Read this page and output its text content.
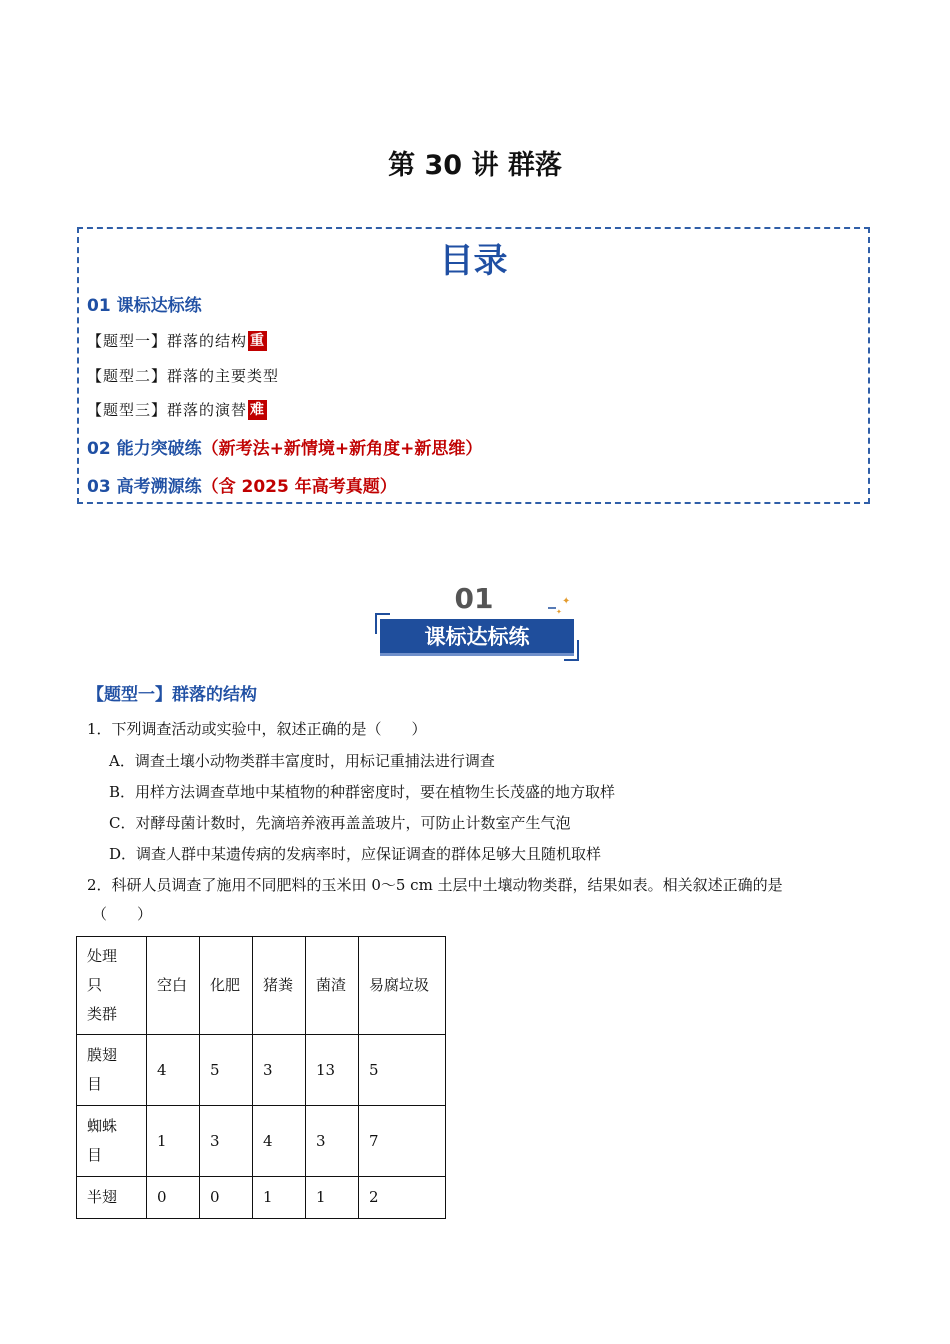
第 30 讲 群落
目录
01 课标达标练
【题型一】群落的结构 重
【题型二】群落的主要类型
【题型三】群落的演替 难
02 能力突破练（新考法+新情境+新角度+新思维）
03 高考溯源练（含 2025 年高考真题）
01	✦
✦
课标达标练
【题型一】群落的结构
1．下列调查活动或实验中，叙述正确的是（　　）
A．调查土壤小动物类群丰富度时，用标记重捕法进行调查
B．用样方法调查草地中某植物的种群密度时，要在植物生长茂盛的地方取样
C．对酵母菌计数时，先滴培养液再盖盖玻片，可防止计数室产生气泡
D．调查人群中某遗传病的发病率时，应保证调查的群体足够大且随机取样
2．科研人员调查了施用不同肥料的玉米田 0～5 cm 土层中土壤动物类群，结果如表。相关叙述正确的是
（　　）
处理
只
类群	空白	化肥	猪粪	菌渣	易腐垃圾
膜翅
目	4	5	3	13	5
蜘蛛
目	1	3	4	3	7
半翅	0	0	1	1	2
